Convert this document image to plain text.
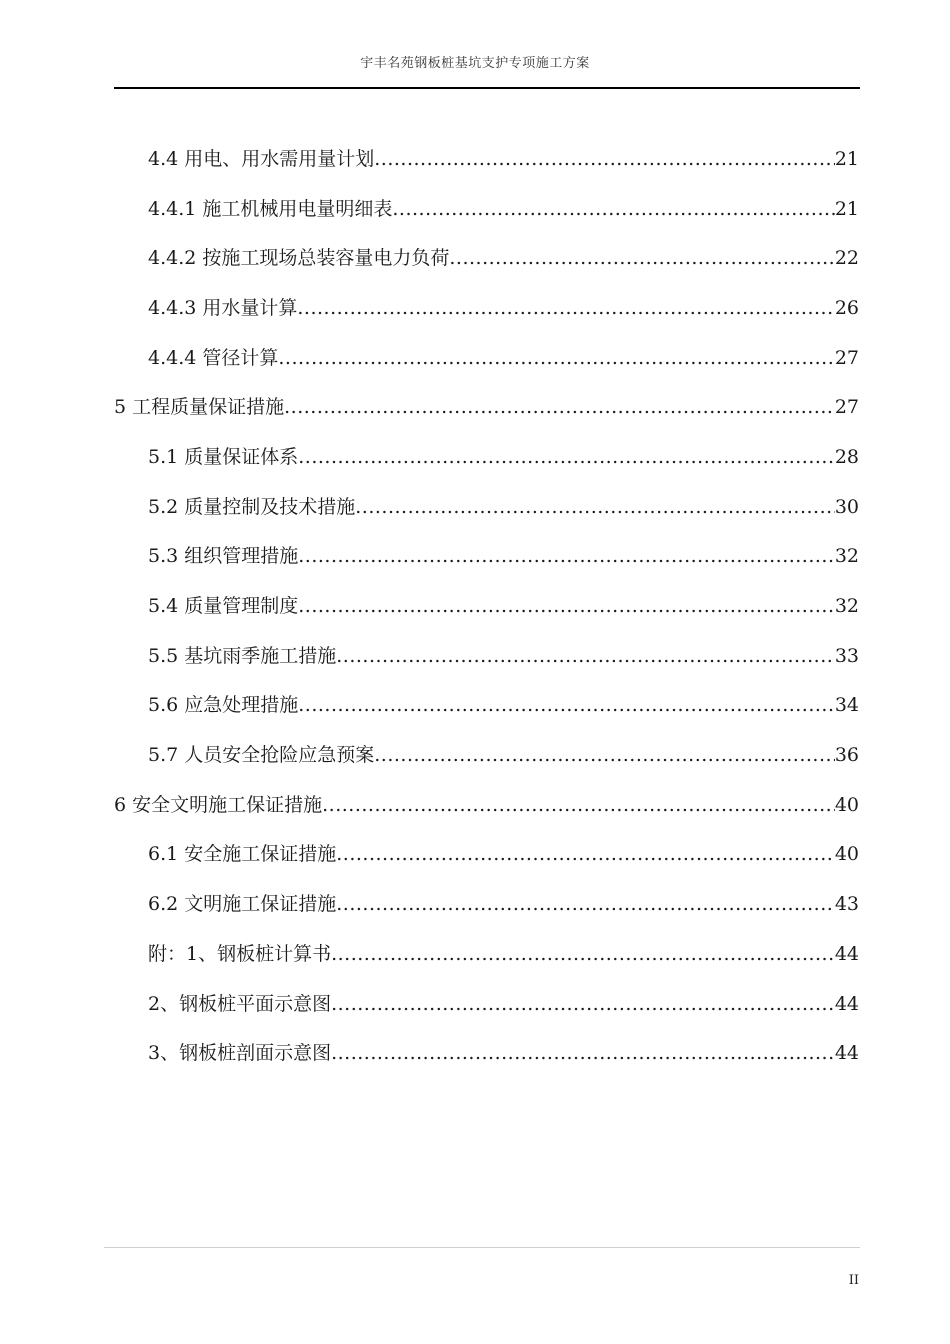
宇丰名苑钢板桩基坑支护专项施工方案
4.4 用电、用水需用量计划 .....	21
4.4.1 施工机械用电量明细表 .....	21
4.4.2 按施工现场总装容量电力负荷 .....	22
4.4.3 用水量计算 .....	26
4.4.4 管径计算 .....	27
5 工程质量保证措施 .....	27
5.1 质量保证体系 .....	28
5.2 质量控制及技术措施 .....	30
5.3 组织管理措施 .....	32
5.4 质量管理制度 .....	32
5.5 基坑雨季施工措施 .....	33
5.6 应急处理措施 .....	34
5.7 人员安全抢险应急预案 .....	36
6 安全文明施工保证措施 .....	40
6.1 安全施工保证措施 .....	40
6.2 文明施工保证措施 .....	43
附：1、钢板桩计算书 .....	44
2、钢板桩平面示意图 .....	44
3、钢板桩剖面示意图 .....	44
II
